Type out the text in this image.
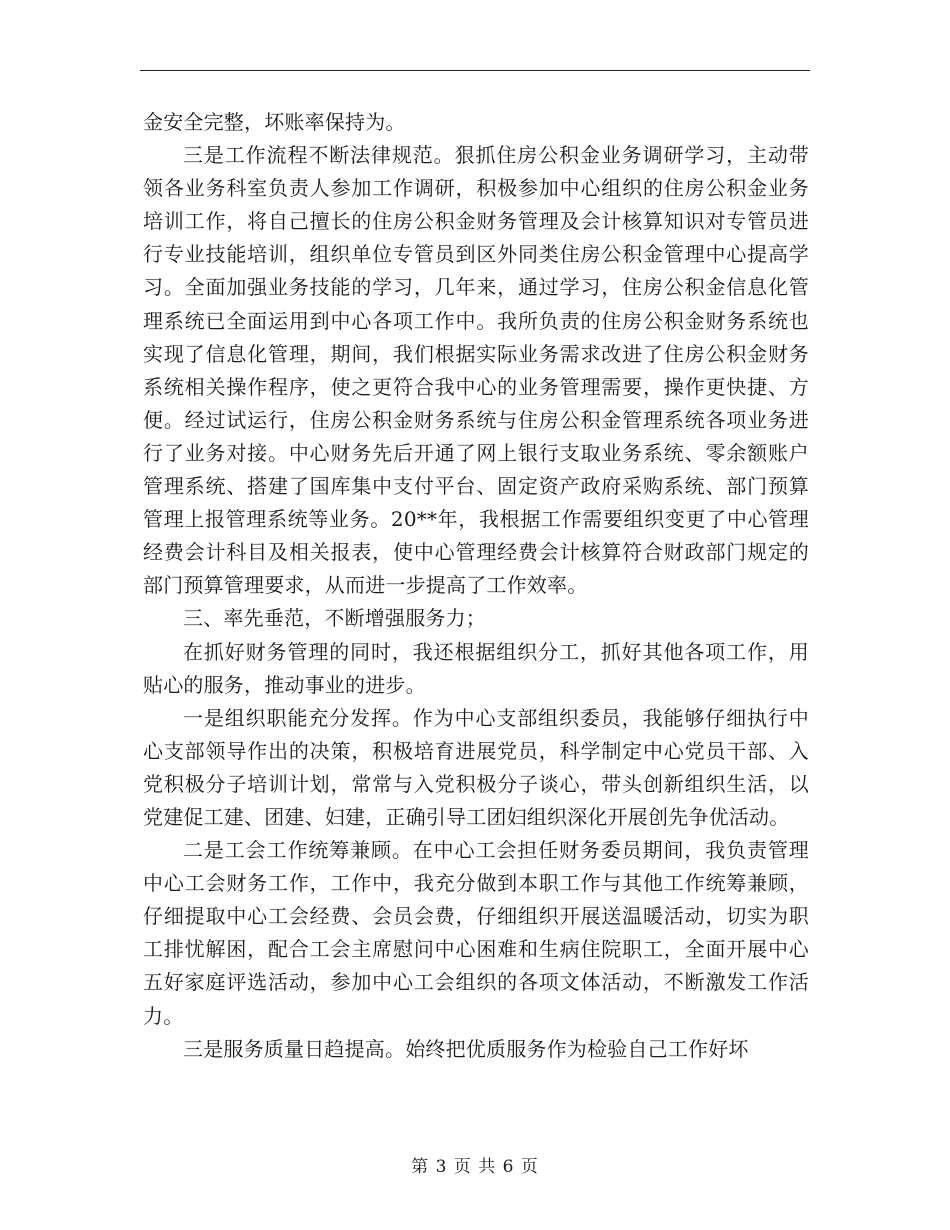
金安全完整，坏账率保持为。

三是工作流程不断法律规范。狠抓住房公积金业务调研学习，主动带领各业务科室负责人参加工作调研，积极参加中心组织的住房公积金业务培训工作，将自己擅长的住房公积金财务管理及会计核算知识对专管员进行专业技能培训，组织单位专管员到区外同类住房公积金管理中心提高学习。全面加强业务技能的学习，几年来，通过学习，住房公积金信息化管理系统已全面运用到中心各项工作中。我所负责的住房公积金财务系统也实现了信息化管理，期间，我们根据实际业务需求改进了住房公积金财务系统相关操作程序，使之更符合我中心的业务管理需要，操作更快捷、方便。经过试运行，住房公积金财务系统与住房公积金管理系统各项业务进行了业务对接。中心财务先后开通了网上银行支取业务系统、零余额账户管理系统、搭建了国库集中支付平台、固定资产政府采购系统、部门预算管理上报管理系统等业务。20**年，我根据工作需要组织变更了中心管理经费会计科目及相关报表，使中心管理经费会计核算符合财政部门规定的部门预算管理要求，从而进一步提高了工作效率。

三、率先垂范，不断增强服务力；

在抓好财务管理的同时，我还根据组织分工，抓好其他各项工作，用贴心的服务，推动事业的进步。

一是组织职能充分发挥。作为中心支部组织委员，我能够仔细执行中心支部领导作出的决策，积极培育进展党员，科学制定中心党员干部、入党积极分子培训计划，常常与入党积极分子谈心，带头创新组织生活，以党建促工建、团建、妇建，正确引导工团妇组织深化开展创先争优活动。

二是工会工作统筹兼顾。在中心工会担任财务委员期间，我负责管理中心工会财务工作，工作中，我充分做到本职工作与其他工作统筹兼顾，仔细提取中心工会经费、会员会费，仔细组织开展送温暖活动，切实为职工排忧解困，配合工会主席慰问中心困难和生病住院职工，全面开展中心五好家庭评选活动，参加中心工会组织的各项文体活动，不断激发工作活力。

三是服务质量日趋提高。始终把优质服务作为检验自己工作好坏

第 3 页 共 6 页
